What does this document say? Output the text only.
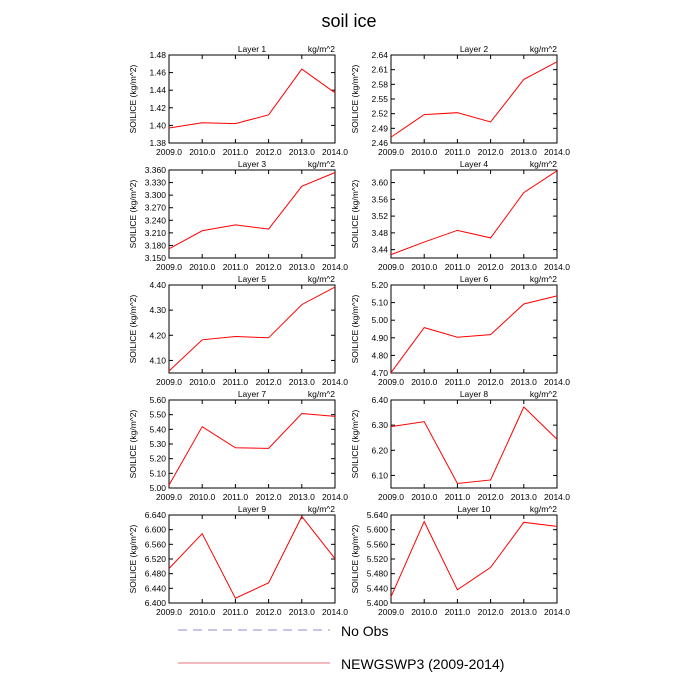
soil ice
2009.0 2010.0 2011.0 2012.0 2013.0 2014.0
1.38
1.40
1.42
1.44
1.46
1.48
Layer 1	kg/m^2
SOILICE (kg/m^2)
2009.0 2010.0 2011.0 2012.0 2013.0 2014.0
2.46
2.49
2.52
2.55
2.58
2.61
2.64
Layer 2	kg/m^2
SOILICE (kg/m^2)
2009.0 2010.0 2011.0 2012.0 2013.0 2014.0
3.150
3.180
3.210
3.240
3.270
3.300
3.330
3.360
Layer 3	kg/m^2
SOILICE (kg/m^2)
2009.0 2010.0 2011.0 2012.0 2013.0 2014.0
3.44
3.48
3.52
3.56
3.60
Layer 4	kg/m^2
SOILICE (kg/m^2)
2009.0 2010.0 2011.0 2012.0 2013.0 2014.0
4.10
4.20
4.30
4.40
Layer 5	kg/m^2
SOILICE (kg/m^2)
2009.0 2010.0 2011.0 2012.0 2013.0 2014.0
4.70
4.80
4.90
5.00
5.10
5.20
Layer 6	kg/m^2
SOILICE (kg/m^2)
2009.0 2010.0 2011.0 2012.0 2013.0 2014.0
5.00
5.10
5.20
5.30
5.40
5.50
5.60
Layer 7	kg/m^2
SOILICE (kg/m^2)
2009.0 2010.0 2011.0 2012.0 2013.0 2014.0
6.10
6.20
6.30
6.40
Layer 8	kg/m^2
SOILICE (kg/m^2)
2009.0 2010.0 2011.0 2012.0 2013.0 2014.0
6.400
6.440
6.480
6.520
6.560
6.600
6.640
Layer 9	kg/m^2
SOILICE (kg/m^2)
2009.0 2010.0 2011.0 2012.0 2013.0 2014.0
5.400
5.440
5.480
5.520
5.560
5.600
5.640
Layer 10	kg/m^2
SOILICE (kg/m^2)
No Obs
NEWGSWP3 (2009-2014)
